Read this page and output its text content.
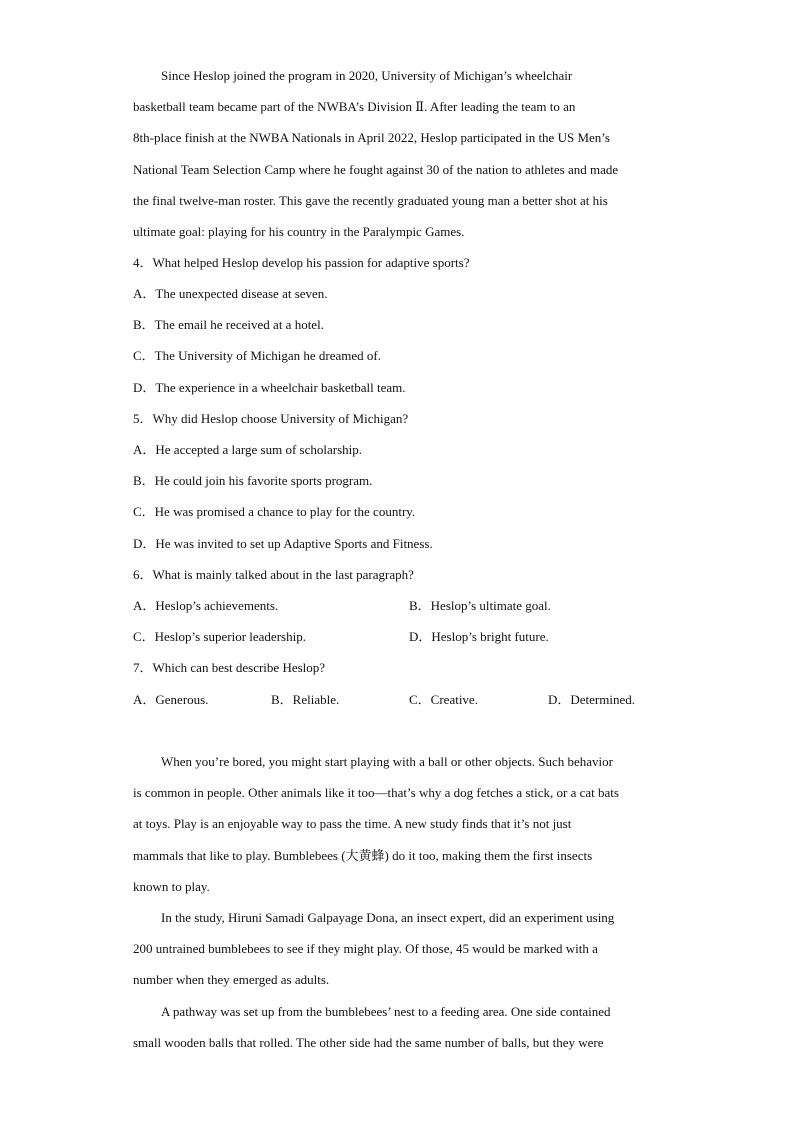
Since Heslop joined the program in 2020, University of Michigan’s wheelchair
basketball team became part of the NWBA’s Division Ⅱ. After leading the team to an
8th-place finish at the NWBA Nationals in April 2022, Heslop participated in the US Men’s
National Team Selection Camp where he fought against 30 of the nation to athletes and made
the final twelve-man roster. This gave the recently graduated young man a better shot at his
ultimate goal: playing for his country in the Paralympic Games.
4．What helped Heslop develop his passion for adaptive sports?
A．The unexpected disease at seven.
B．The email he received at a hotel.
C．The University of Michigan he dreamed of.
D．The experience in a wheelchair basketball team.
5．Why did Heslop choose University of Michigan?
A．He accepted a large sum of scholarship.
B．He could join his favorite sports program.
C．He was promised a chance to play for the country.
D．He was invited to set up Adaptive Sports and Fitness.
6．What is mainly talked about in the last paragraph?
A．Heslop’s achievements.	B．Heslop’s ultimate goal.
C．Heslop’s superior leadership.	D．Heslop’s bright future.
7．Which can best describe Heslop?
A．Generous.	B．Reliable.	C．Creative.	D．Determined.
When you’re bored, you might start playing with a ball or other objects. Such behavior
is common in people. Other animals like it too—that’s why a dog fetches a stick, or a cat bats
at toys. Play is an enjoyable way to pass the time. A new study finds that it’s not just
mammals that like to play. Bumblebees (大黄蜂) do it too, making them the first insects
known to play.
In the study, Hiruni Samadi Galpayage Dona, an insect expert, did an experiment using
200 untrained bumblebees to see if they might play. Of those, 45 would be marked with a
number when they emerged as adults.
A pathway was set up from the bumblebees’ nest to a feeding area. One side contained
small wooden balls that rolled. The other side had the same number of balls, but they were
